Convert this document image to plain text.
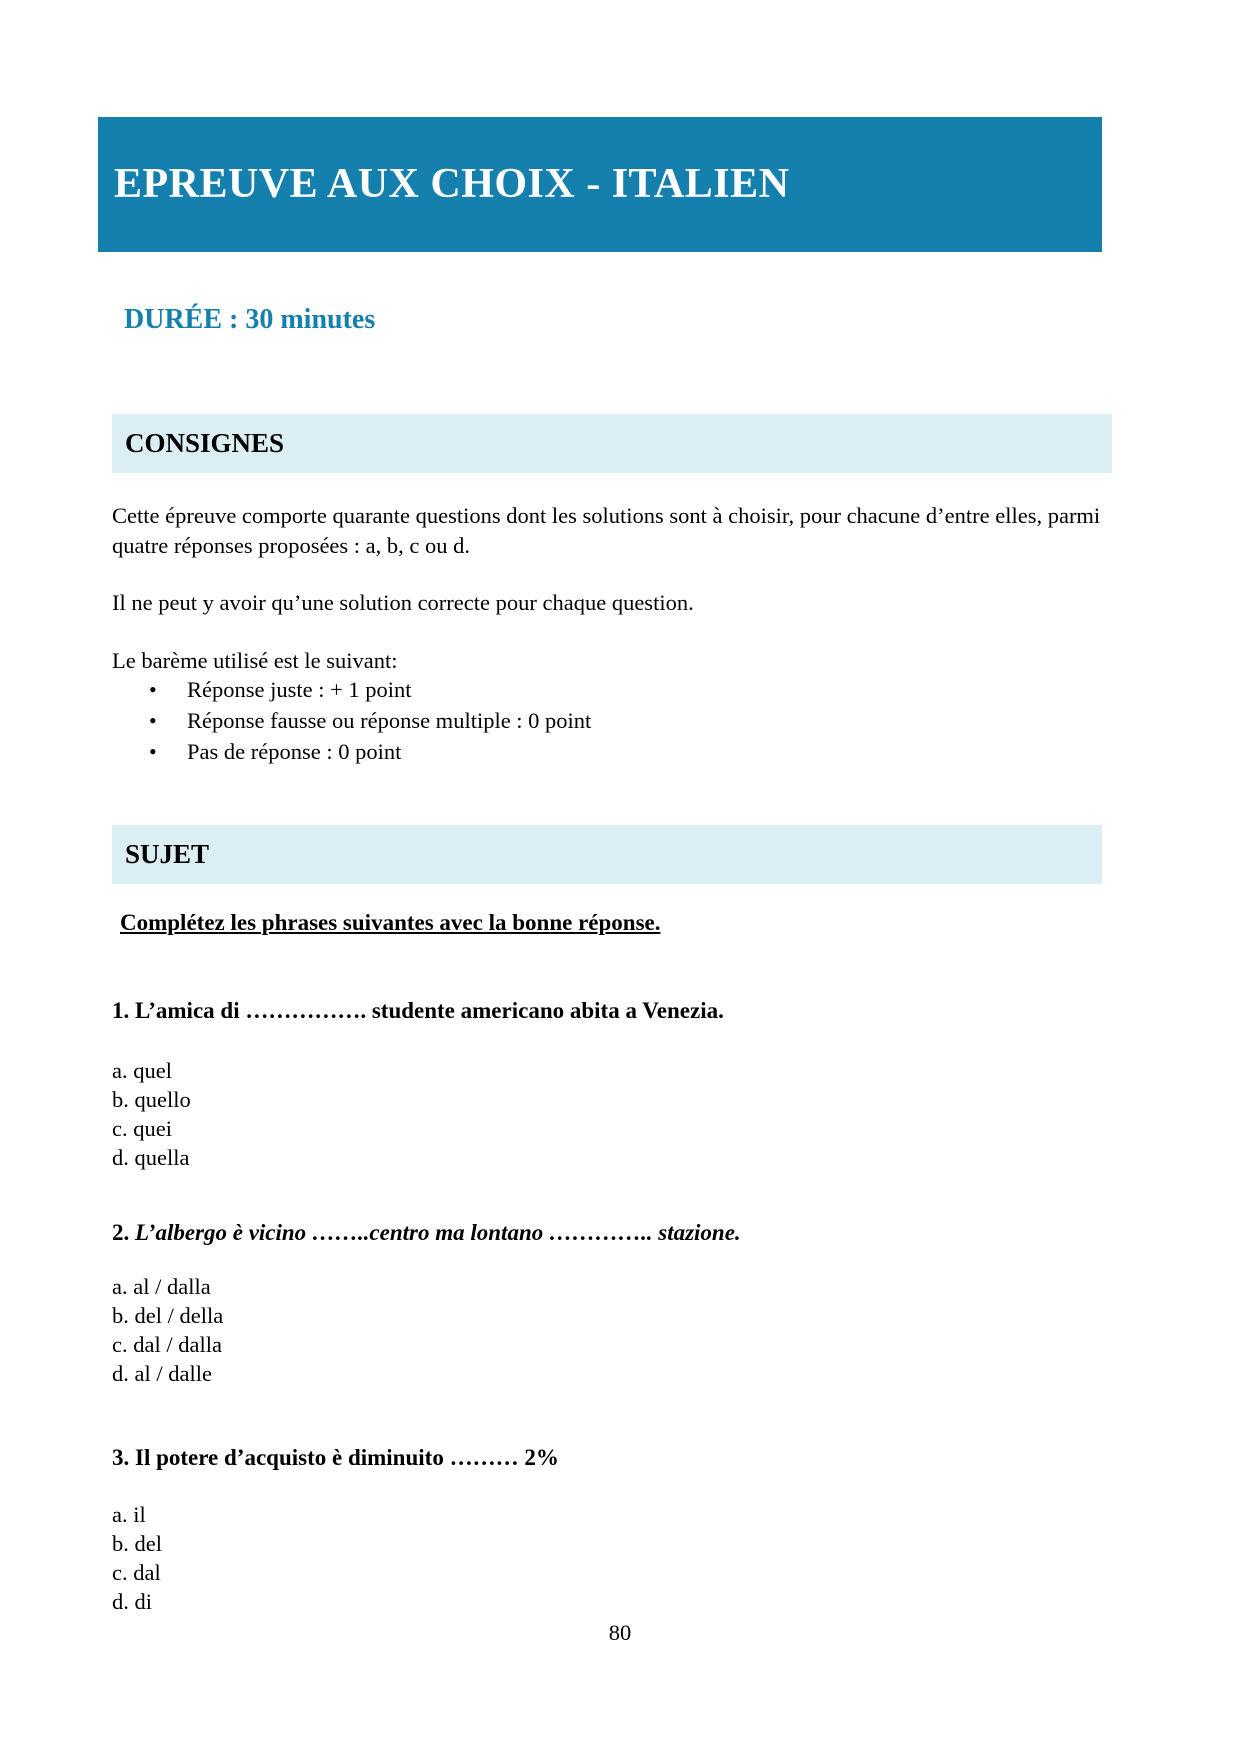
EPREUVE AUX CHOIX - ITALIEN

DURÉE : 30 minutes

CONSIGNES

Cette épreuve comporte quarante questions dont les solutions sont à choisir, pour chacune d’entre elles, parmi quatre réponses proposées : a, b, c ou d.

Il ne peut y avoir qu’une solution correcte pour chaque question.

Le barème utilisé est le suivant:

• Réponse juste : + 1 point
• Réponse fausse ou réponse multiple : 0 point
• Pas de réponse : 0 point
SUJET

Complétez les phrases suivantes avec la bonne réponse.

1. L’amica di ……………. studente americano abita a Venezia.

a. quel
b. quello
c. quei
d. quella

2. L’albergo è vicino ……..centro ma lontano ………….. stazione.

a. al / dalla
b. del / della
c. dal / dalla
d. al / dalle

3. Il potere d’acquisto è diminuito ……… 2%

a. il
b. del
c. dal
d. di

80
